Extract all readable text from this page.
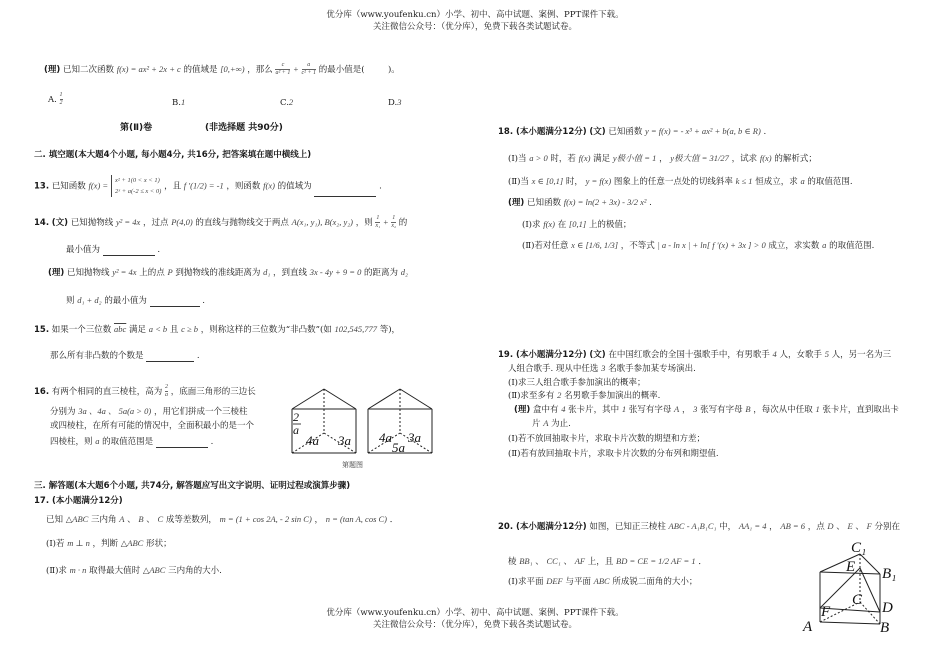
优分库（www.youfenku.cn）小学、初中、高中试题、案例、PPT课件下载。
关注微信公众号：（优分库），免费下载各类试题试卷。
(理) 已知二次函数 f(x) = ax² + 2x + c 的值域是 [0,+∞) ，那么 $\frac{c}{\text{a² + 1}} + \frac{a}{\text{c² + 1}}$ 的最小值是(	)。
A. $\frac{1}{2}$	B.1	C.2	D.3
第(Ⅱ)卷	(非选择题 共90分)
二. 填空题(本大题4个小题, 每小题4分, 共16分, 把答案填在题中横线上)
13. 已知函数 f(x) = x² + 1(0 < x < 1)
2ˣ + a(-2 ≤ x < 0) ，且 f ′(1/2) = -1 ，则函数 f(x) 的值域为	.
14. (文) 已知抛物线 y² = 4x ，过点 P(4,0) 的直线与抛物线交于两点 A(x₁, y₁), B(x₂, y₂) ，则 $\frac{1}{\text{x₁}} + \frac{1}{\text{x₂}}$ 的
最小值为	.
(理) 已知抛物线 y² = 4x 上的点 P 到抛物线的准线距离为 d₁ ，到直线 3x - 4y + 9 = 0 的距离为 d₂
则 d₁ + d₂ 的最小值为	.
15. 如果一个三位数 $\overline{abc}$ 满足 a < b 且 c ≥ b ，则称这样的三位数为“非凸数”(如 102,545,777 等)，
那么所有非凸数的个数是	.
16. 有两个相同的直三棱柱，高为 $\frac{2}{a}$ ，底面三角形的三边长
分别为 3a 、4a 、 5a(a > 0) ，用它们拼成一个三棱柱
或四棱柱，在所有可能的情况中，全面积最小的是一个
四棱柱，则 a 的取值范围是	.
2
a
4a 3a 4a 3a
5a
第题图
三. 解答题(本大题6个小题, 共74分, 解答题应写出文字说明、证明过程或演算步骤)
17. (本小题满分12分)
已知 △ABC 三内角 A 、 B 、 C 成等差数列， m = (1 + cos 2A, - 2 sin C) ， n = (tan A, cos C) ．
(Ⅰ)若 m ⊥ n ，判断 △ABC 形状；
(Ⅱ)求 m · n 取得最大值时 △ABC 三内角的大小.
18. (本小题满分12分) (文) 已知函数 y = f(x) = - x³ + ax² + b(a, b ∈ R) .
(Ⅰ)当 a > 0 时，若 f(x) 满足 y极小值 = 1 ， y极大值 = 31/27 ，试求 f(x) 的解析式；
(Ⅱ)当 x ∈ [0,1] 时， y = f(x) 图象上的任意一点处的切线斜率 k ≤ 1 恒成立，求 a 的取值范围.
(理) 已知函数 f(x) = ln(2 + 3x) - 3/2 x² .
(Ⅰ)求 f(x) 在 [0,1] 上的极值；
(Ⅱ)若对任意 x ∈ [1/6, 1/3] ，不等式 | a - ln x | + ln[ f ′(x) + 3x ] > 0 成立，求实数 a 的取值范围.
19. (本小题满分12分) (文) 在中国红歌会的全国十强歌手中，有男歌手 4 人，女歌手 5 人，另一名为三
人组合歌手. 现从中任选 3 名歌手参加某专场演出.
(Ⅰ)求三人组合歌手参加演出的概率；
(Ⅱ)求至多有 2 名男歌手参加演出的概率.
(理) 盒中有 4 张卡片，其中 1 张写有字母 A ， 3 张写有字母 B ，每次从中任取 1 张卡片，直到取出卡
片 A 为止.
(Ⅰ)若不放回抽取卡片，求取卡片次数的期望和方差；
(Ⅱ)若有放回抽取卡片，求取卡片次数的分布列和期望值.
20. (本小题满分12分) 如图，已知正三棱柱 ABC - A₁B₁C₁ 中， AA₁ = 4 ， AB = 6 ，点 D 、 E 、 F 分别在
棱 BB₁ 、 CC₁ 、 AF 上，且 BD = CE = 1/2 AF = 1 ．
(Ⅰ)求平面 DEF 与平面 ABC 所成锐二面角的大小；
C₁
B₁
E
C D
F
A	B
优分库（www.youfenku.cn）小学、初中、高中试题、案例、PPT课件下载。
关注微信公众号：（优分库），免费下载各类试题试卷。
